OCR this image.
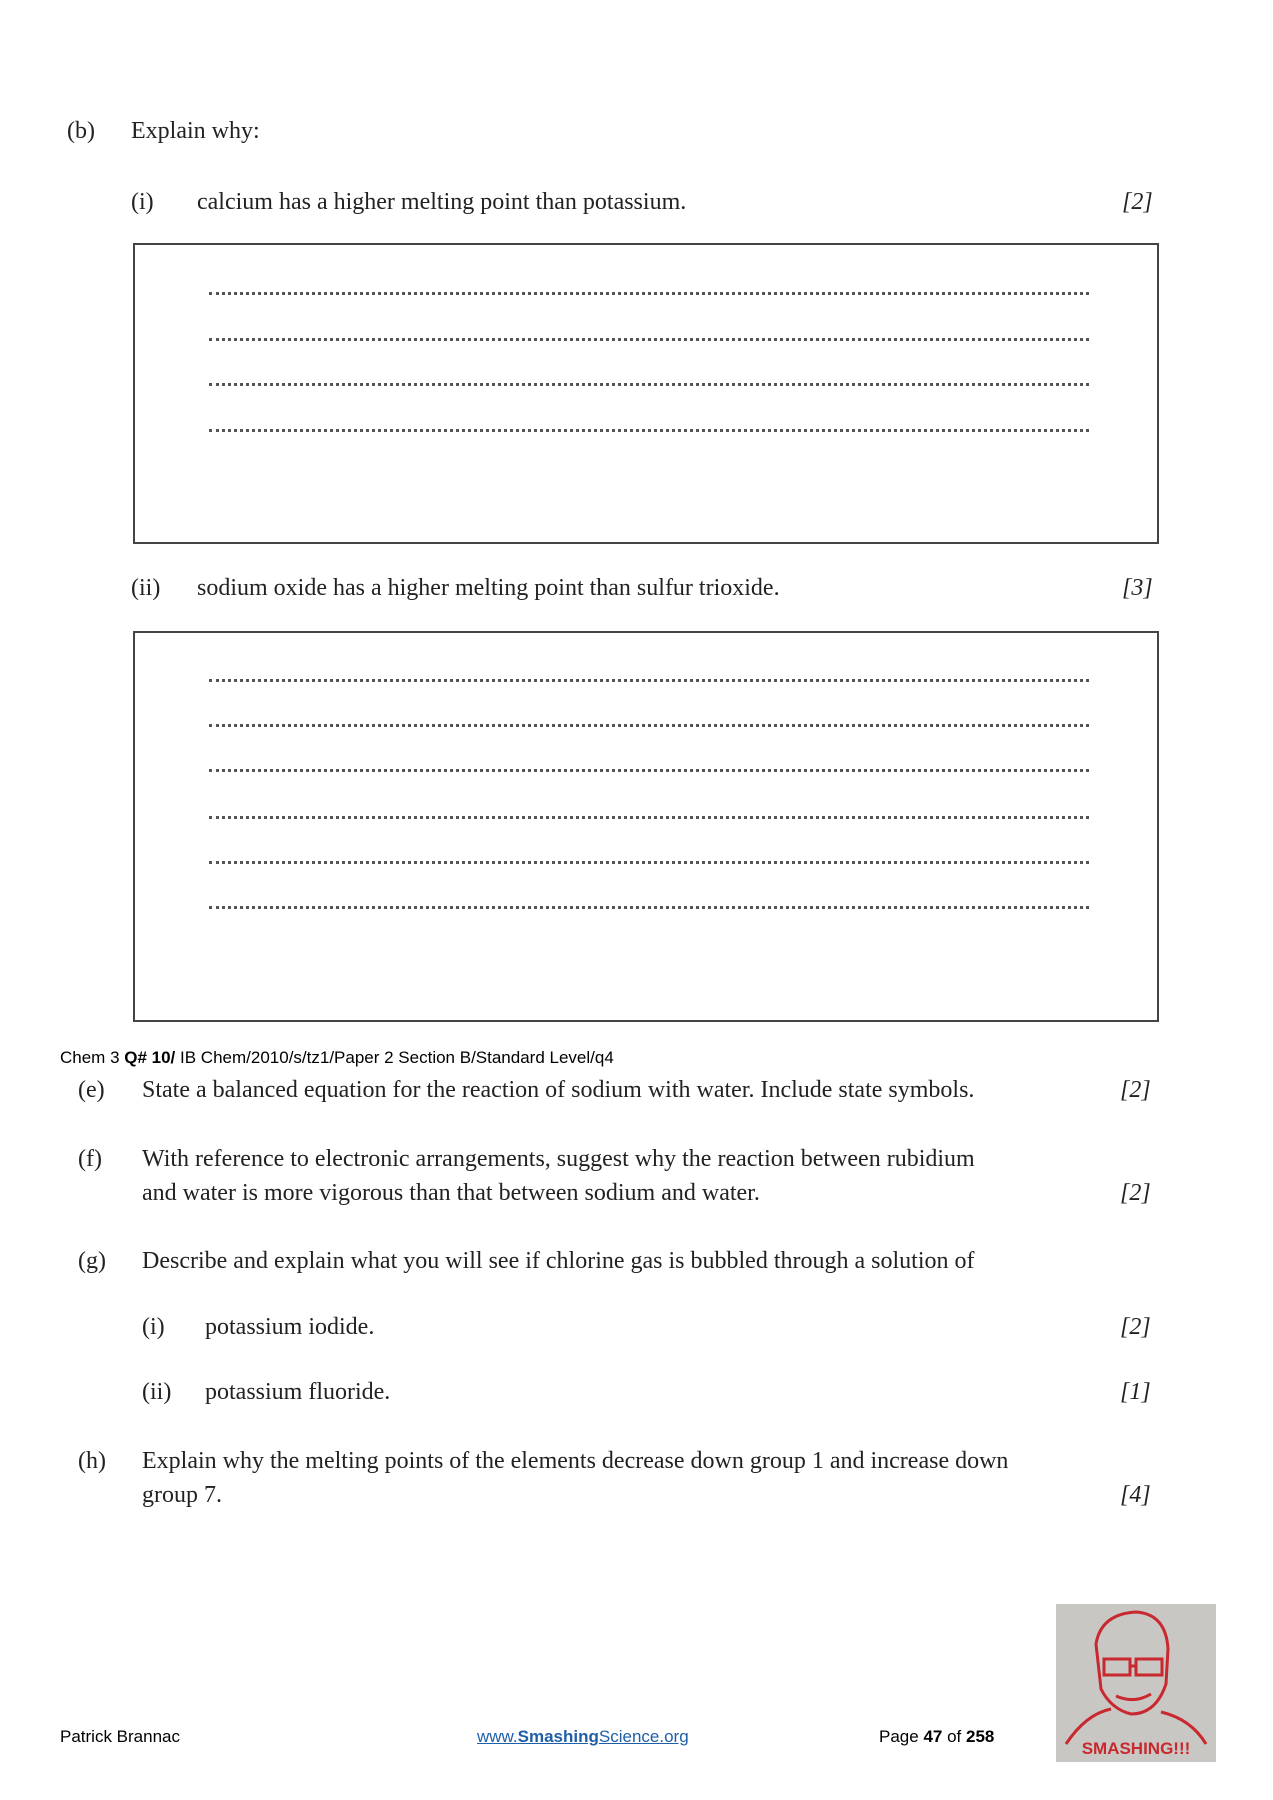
(b) Explain why:
(i) calcium has a higher melting point than potassium.	[2]
(ii) sodium oxide has a higher melting point than sulfur trioxide.	[3]
Chem 3 Q# 10/ IB Chem/2010/s/tz1/Paper 2 Section B/Standard Level/q4
(e) State a balanced equation for the reaction of sodium with water. Include state symbols.	[2]
(f) With reference to electronic arrangements, suggest why the reaction between rubidium
and water is more vigorous than that between sodium and water.	[2]
(g) Describe and explain what you will see if chlorine gas is bubbled through a solution of
(i) potassium iodide.	[2]
(ii) potassium fluoride.	[1]
(h) Explain why the melting points of the elements decrease down group 1 and increase down
group 7.	[4]
Patrick Brannac	www.SmashingScience.org	Page 47 of 258
SMASHING!!!
